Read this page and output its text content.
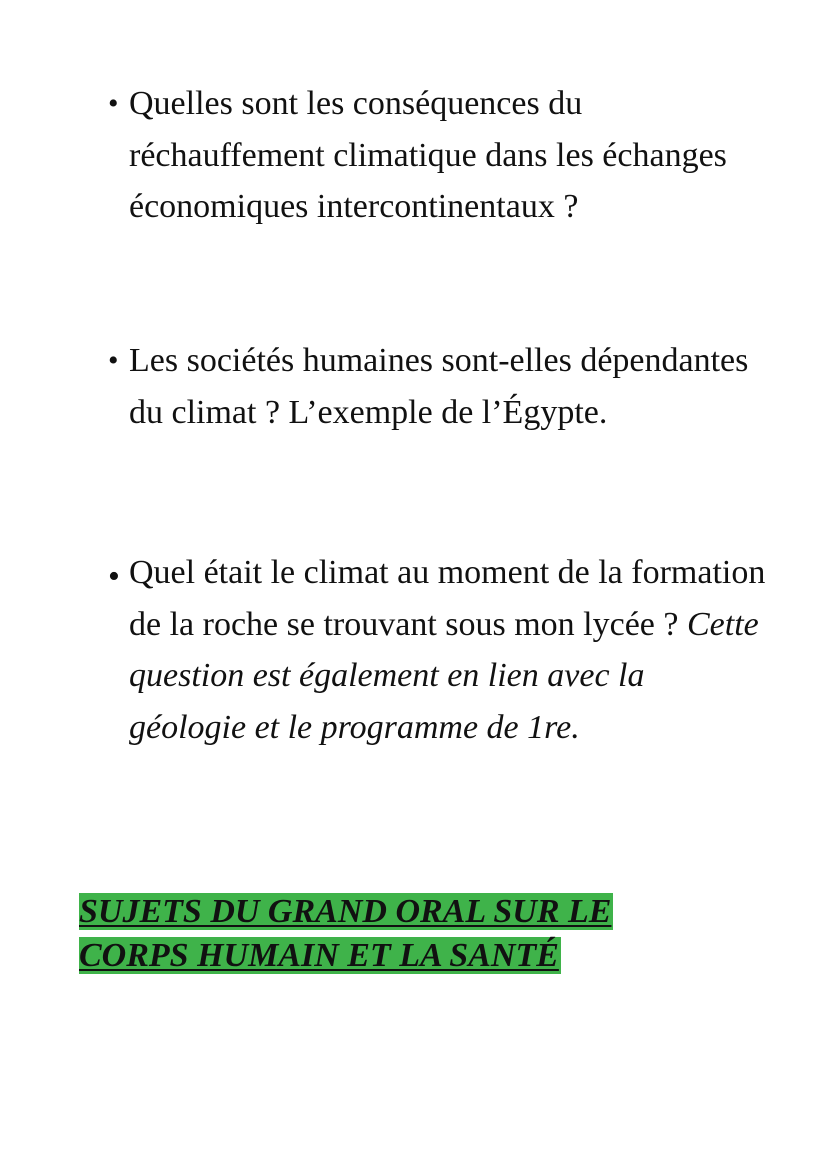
• Quelles sont les conséquences du réchauffement climatique dans les échanges économiques intercontinentaux ?
• Les sociétés humaines sont-elles dépendantes du climat ? L’exemple de l’Égypte.
• Quel était le climat au moment de la formation de la roche se trouvant sous mon lycée ? Cette question est également en lien avec la géologie et le programme de 1re.
SUJETS DU GRAND ORAL SUR LE
CORPS HUMAIN ET LA SANTÉ
